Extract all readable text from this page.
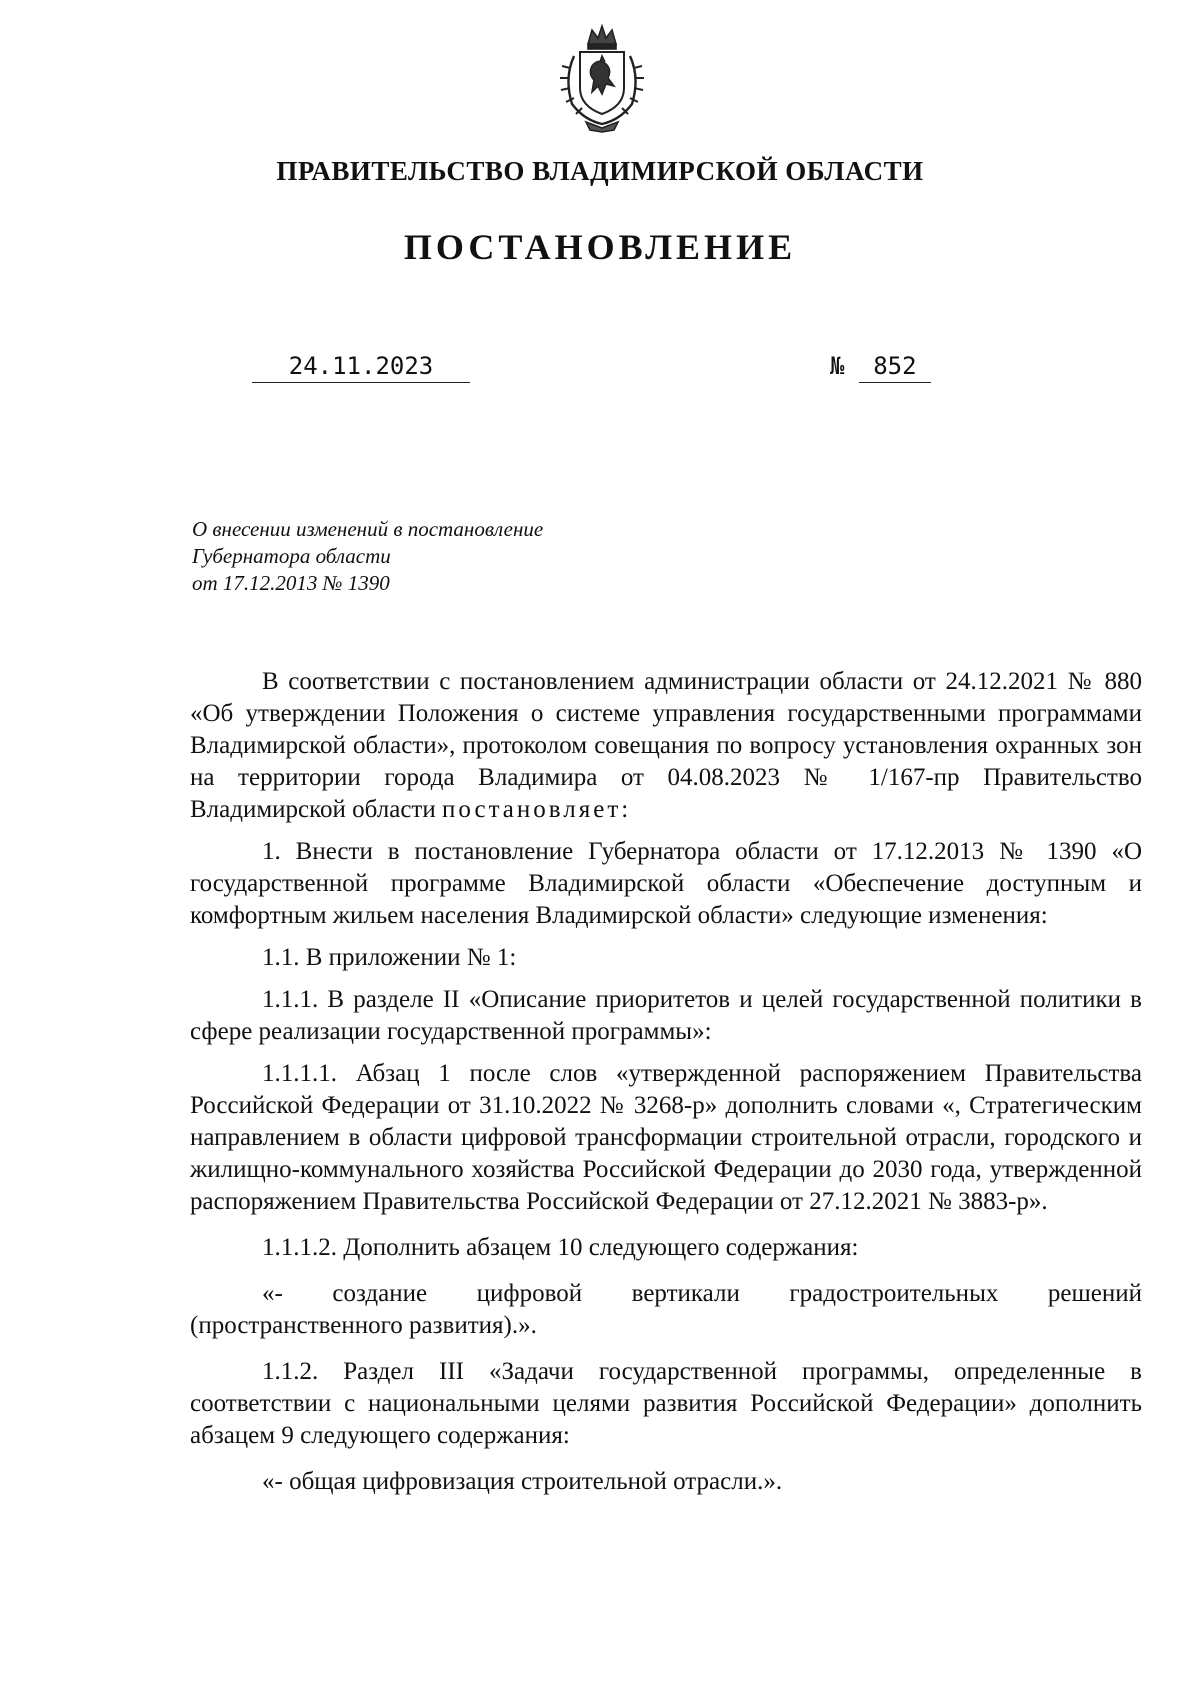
ПРАВИТЕЛЬСТВО ВЛАДИМИРСКОЙ ОБЛАСТИ
ПОСТАНОВЛЕНИЕ
24.11.2023	№ 852
О внесении изменений в постановление
Губернатора области
от 17.12.2013 № 1390

В соответствии с постановлением администрации области от 24.12.2021 № 880 «Об утверждении Положения о системе управления государственными программами Владимирской области», протоколом совещания по вопросу установления охранных зон на территории города Владимира от 04.08.2023 № 1/167-пр Правительство Владимирской области постановляет:

1. Внести в постановление Губернатора области от 17.12.2013 № 1390 «О государственной программе Владимирской области «Обеспечение доступным и комфортным жильем населения Владимирской области» следующие изменения:

1.1. В приложении № 1:

1.1.1. В разделе II «Описание приоритетов и целей государственной политики в сфере реализации государственной программы»:

1.1.1.1. Абзац 1 после слов «утвержденной распоряжением Правительства Российской Федерации от 31.10.2022 № 3268-р» дополнить словами «, Стратегическим направлением в области цифровой трансформации строительной отрасли, городского и жилищно-коммунального хозяйства Российской Федерации до 2030 года, утвержденной распоряжением Правительства Российской Федерации от 27.12.2021 № 3883-р».

1.1.1.2. Дополнить абзацем 10 следующего содержания:

«- создание цифровой вертикали градостроительных решений (пространственного развития).».

1.1.2. Раздел III «Задачи государственной программы, определенные в соответствии с национальными целями развития Российской Федерации» дополнить абзацем 9 следующего содержания:

«- общая цифровизация строительной отрасли.».
